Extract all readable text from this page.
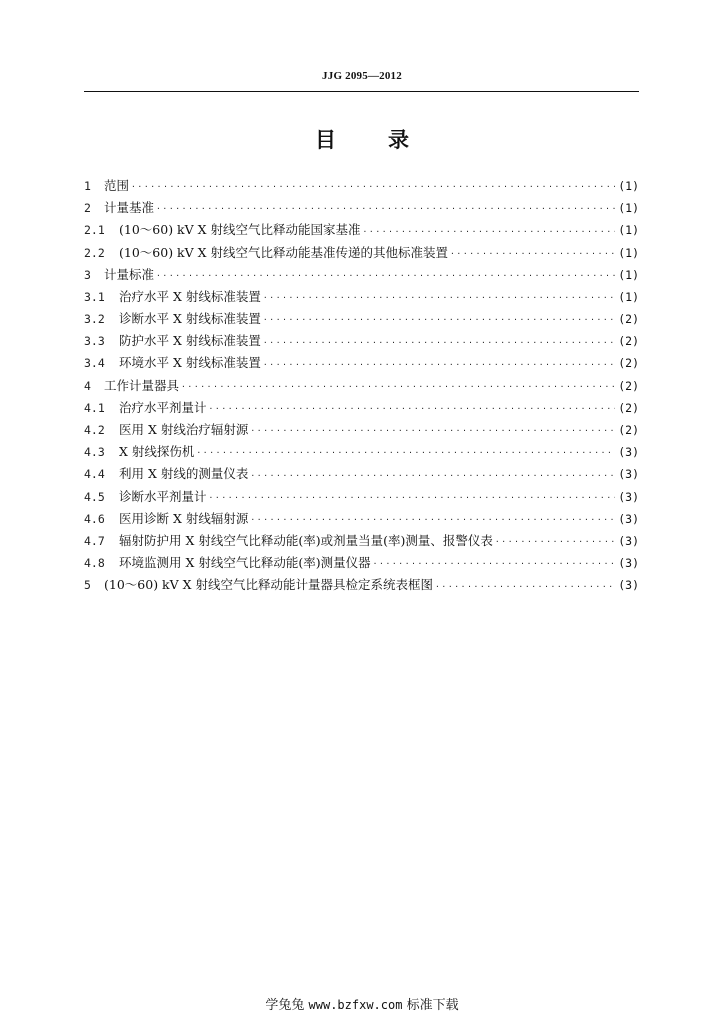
JJG 2095—2012
目录
1	范围 ·····	(1)
2	计量基准 ·····	(1)
2.1	(10～60) kV X 射线空气比释动能国家基准 ·····	(1)
2.2	(10～60) kV X 射线空气比释动能基准传递的其他标准装置 ·····	(1)
3	计量标准 ·····	(1)
3.1	治疗水平 X 射线标准装置 ·····	(1)
3.2	诊断水平 X 射线标准装置 ·····	(2)
3.3	防护水平 X 射线标准装置 ·····	(2)
3.4	环境水平 X 射线标准装置 ·····	(2)
4	工作计量器具 ·····	(2)
4.1	治疗水平剂量计 ·····	(2)
4.2	医用 X 射线治疗辐射源 ·····	(2)
4.3	X 射线探伤机 ·····	(3)
4.4	利用 X 射线的测量仪表 ·····	(3)
4.5	诊断水平剂量计 ·····	(3)
4.6	医用诊断 X 射线辐射源 ·····	(3)
4.7	辐射防护用 X 射线空气比释动能(率)或剂量当量(率)测量、报警仪表 ·····	(3)
4.8	环境监测用 X 射线空气比释动能(率)测量仪器 ·····	(3)
5	(10～60) kV X 射线空气比释动能计量器具检定系统表框图 ·····	(3)
学兔兔 www.bzfxw.com 标准下载
